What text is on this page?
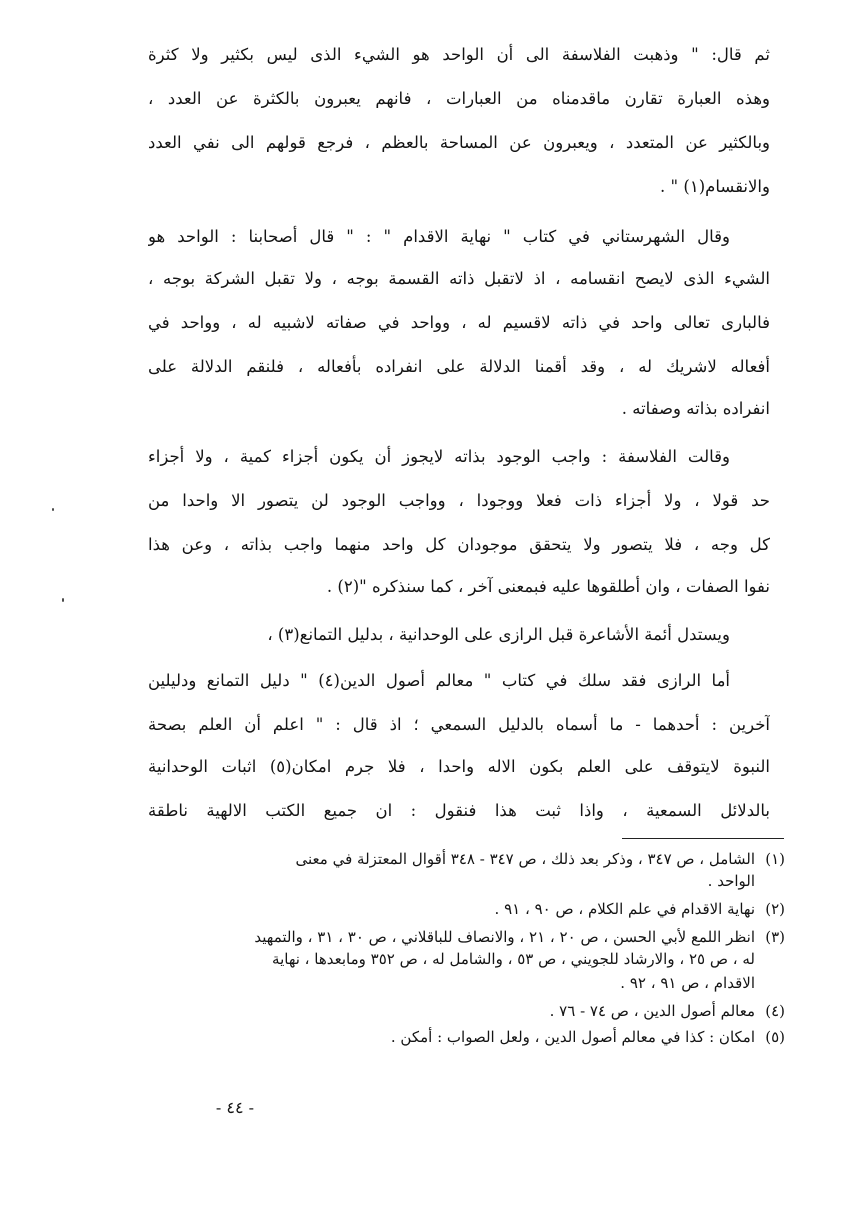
ثم قال: " وذهبت الفلاسفة الى أن الواحد هو الشيء الذى ليس بكثير ولا كثرة
وهذه العبارة تقارن ماقدمناه من العبارات ، فانهم يعبرون بالكثرة عن العدد ،
وبالكثير عن المتعدد ، ويعبرون عن المساحة بالعظم ، فرجع قولهم الى نفي العدد
والانقسام(١) " .
وقال الشهرستاني في كتاب " نهاية الاقدام " : " قال أصحابنا : الواحد هو
الشيء الذى لايصح انقسامه ، اذ لاتقبل ذاته القسمة بوجه ، ولا تقبل الشركة بوجه ،
فالبارى تعالى واحد في ذاته لاقسيم له ، وواحد في صفاته لاشبيه له ، وواحد في
أفعاله لاشريك له ، وقد أقمنا الدلالة على انفراده بأفعاله ، فلنقم الدلالة على
انفراده بذاته وصفاته .
وقالت الفلاسفة : واجب الوجود بذاته لايجوز أن يكون أجزاء كمية ، ولا أجزاء
حد قولا ، ولا أجزاء ذات فعلا ووجودا ، وواجب الوجود لن يتصور الا واحدا من
كل وجه ، فلا يتصور ولا يتحقق موجودان كل واحد منهما واجب بذاته ، وعن هذا
نفوا الصفات ، وان أطلقوها عليه فبمعنى آخر ، كما سنذكره "(٢) .
ويستدل أئمة الأشاعرة قبل الرازى على الوحدانية ، بدليل التمانع(٣) ،
أما الرازى فقد سلك في كتاب " معالم أصول الدين(٤) " دليل التمانع ودليلين
آخرين : أحدهما - ما أسماه بالدليل السمعي ؛ اذ قال : " اعلم أن العلم بصحة
النبوة لايتوقف على العلم بكون الاله واحدا ، فلا جرم امكان(٥) اثبات الوحدانية
بالدلائل السمعية ، واذا ثبت هذا فنقول : ان جميع الكتب الالهية ناطقة
(١)الشامل ، ص ٣٤٧ ، وذكر بعد ذلك ، ص ٣٤٧ - ٣٤٨ أقوال المعتزلة في معنى
الواحد .
(٢)نهاية الاقدام في علم الكلام ، ص ٩٠ ، ٩١ .
(٣)انظر اللمع لأبي الحسن ، ص ٢٠ ، ٢١ ، والانصاف للباقلاني ، ص ٣٠ ، ٣١ ، والتمهيد
له ، ص ٢٥ ، والارشاد للجويني ، ص ٥٣ ، والشامل له ، ص ٣٥٢ ومابعدها ، نهاية
الاقدام ، ص ٩١ ، ٩٢ .
(٤)معالم أصول الدين ، ص ٧٤ - ٧٦ .
(٥)امكان : كذا في معالم أصول الدين ، ولعل الصواب : أمكن .
- ٤٤ -
